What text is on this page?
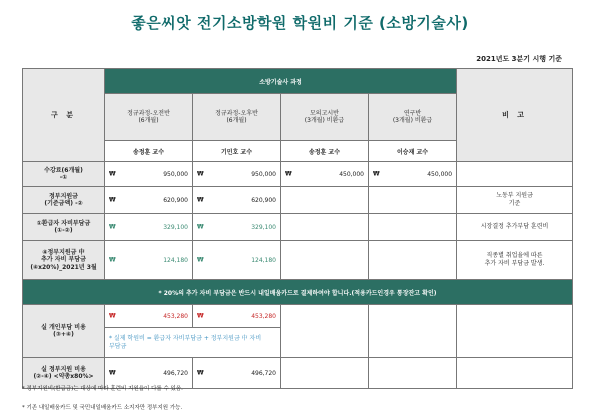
좋은씨앗 전기소방학원 학원비 기준 (소방기술사)
2021년도 3분기 시행 기준
구 분	소방기술사 과정				비 고
	정규과정-오전반
(6개월)	정규과정-오후반
(6개월)	모의고시반
(3개월) 비환급	연구반
(3개월) 비환급	
	송정훈 교수	기민호 교수	송정훈 교수	이승재 교수	
수강료(6개월)
-①	₩ 950,000	₩ 950,000	₩ 450,000	₩ 450,000	

정부지원금
(기준금액) -②	₩ 620,900	₩ 620,900			노동부 지원금
기준
①환급자 자비부담금
(①-②)	₩ 329,100	₩ 329,100			시장결정 추가부담 훈련비
④정부지원금 中
추가 자비 부담금
(④x20%)_2021년 3월	₩ 124,180	₩ 124,180			직종별 취업율에 따른
추가 자비 부담금 발생.
* 20%의 추가 자비 부담금은 반드시 내일배움카드로 결제하여야 합니다.(적용카드인경우 통장잔고 확인)					
실 개인부담 비용
(③+④)	₩ 453,280	₩ 453,280			

	* 실제 학원비 = 환급자 자비부담금 + 정부지원금 中 자비
부담금				
실 정부지원 비용
(②-④) <약총x80%>	₩ 496,720	₩ 496,720			

* 정부지원비(환급금)는 대상에 따라 훈련비 지원율이 다를 수 있음.
* 기존 내일배움카드 및 국민내일배움카드 소지자만 정부지원 가능.
